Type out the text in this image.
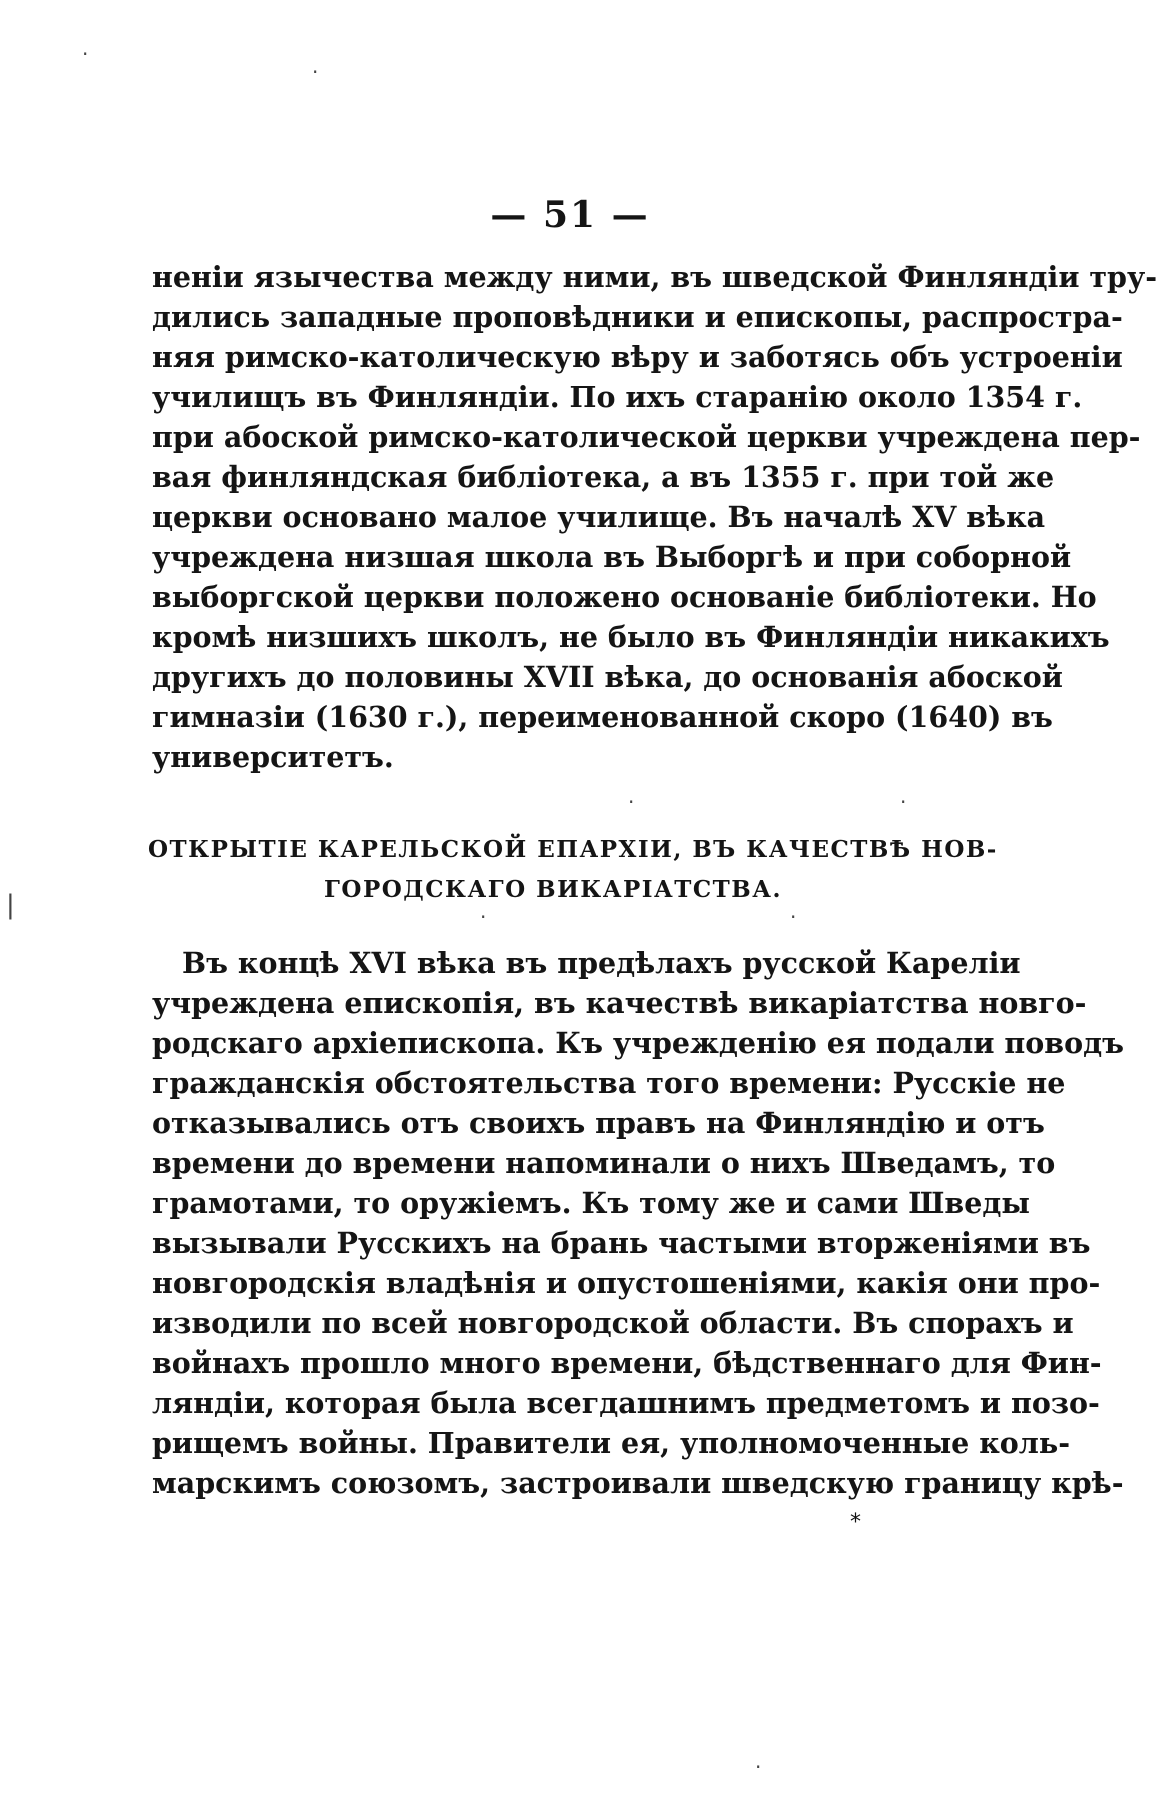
— 51 —
неніи язычества между ними, въ шведской Финляндіи тру-
дились западные проповѣдники и епископы, распростра-
няя римско-католическую вѣру и заботясь объ устроеніи
училищъ въ Финляндіи. По ихъ старанію около 1354 г.
при абоской римско-католической церкви учреждена пер-
вая финляндская библіотека, а въ 1355 г. при той же
церкви основано малое училище. Въ началѣ XV вѣка
учреждена низшая школа въ Выборгѣ и при соборной
выборгской церкви положено основаніе библіотеки. Но
кромѣ низшихъ школъ, не было въ Финляндіи никакихъ
другихъ до половины XVII вѣка, до основанія абоской
гимназіи (1630 г.), переименованной скоро (1640) въ
университетъ.
ОТКРЫТІЕ КАРЕЛЬСКОЙ ЕПАРХІИ, ВЪ КАЧЕСТВѢ НОВ-
ГОРОДСКАГО ВИКАРІАТСТВА.
Въ концѣ XVI вѣка въ предѣлахъ русской Кареліи
учреждена епископія, въ качествѣ викаріатства новго-
родскаго архіепископа. Къ учрежденію ея подали поводъ
гражданскія обстоятельства того времени: Русскіе не
отказывались отъ своихъ правъ на Финляндію и отъ
времени до времени напоминали о нихъ Шведамъ, то
грамотами, то оружіемъ. Къ тому же и сами Шведы
вызывали Русскихъ на брань частыми вторженіями въ
новгородскія владѣнія и опустошеніями, какія они про-
изводили по всей новгородской области. Въ спорахъ и
войнахъ прошло много времени, бѣдственнаго для Фин-
ляндіи, которая была всегдашнимъ предметомъ и позо-
рищемъ войны. Правители ея, уполномоченные коль-
марскимъ союзомъ, застроивали шведскую границу крѣ-
*
·
·
|
·	·
·	·
·
